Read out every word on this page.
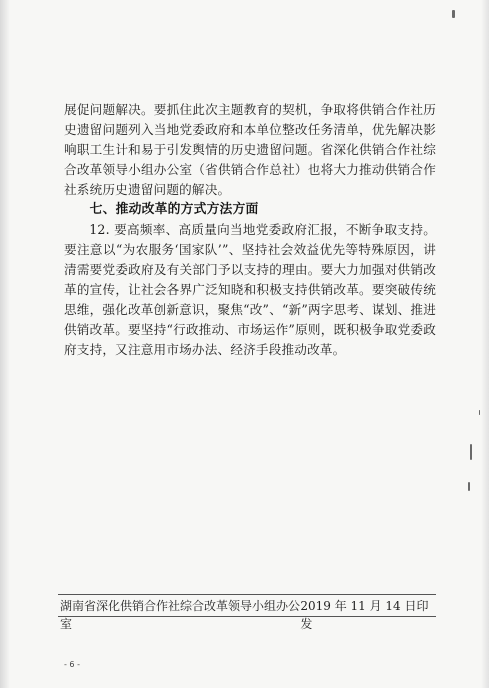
展促问题解决。要抓住此次主题教育的契机，争取将供销合作社历史遗留问题列入当地党委政府和本单位整改任务清单，优先解决影响职工生计和易于引发舆情的历史遗留问题。省深化供销合作社综合改革领导小组办公室（省供销合作总社）也将大力推动供销合作社系统历史遗留问题的解决。

七、推动改革的方式方法方面

12. 要高频率、高质量向当地党委政府汇报，不断争取支持。要注意以“为农服务‘国家队’”、坚持社会效益优先等特殊原因，讲清需要党委政府及有关部门予以支持的理由。要大力加强对供销改革的宣传，让社会各界广泛知晓和积极支持供销改革。要突破传统思维，强化改革创新意识，聚焦“改”、“新”两字思考、谋划、推进供销改革。要坚持“行政推动、市场运作”原则，既积极争取党委政府支持，又注意用市场办法、经济手段推动改革。

湖南省深化供销合作社综合改革领导小组办公室
2019 年 11 月 14 日印发
- 6 -
